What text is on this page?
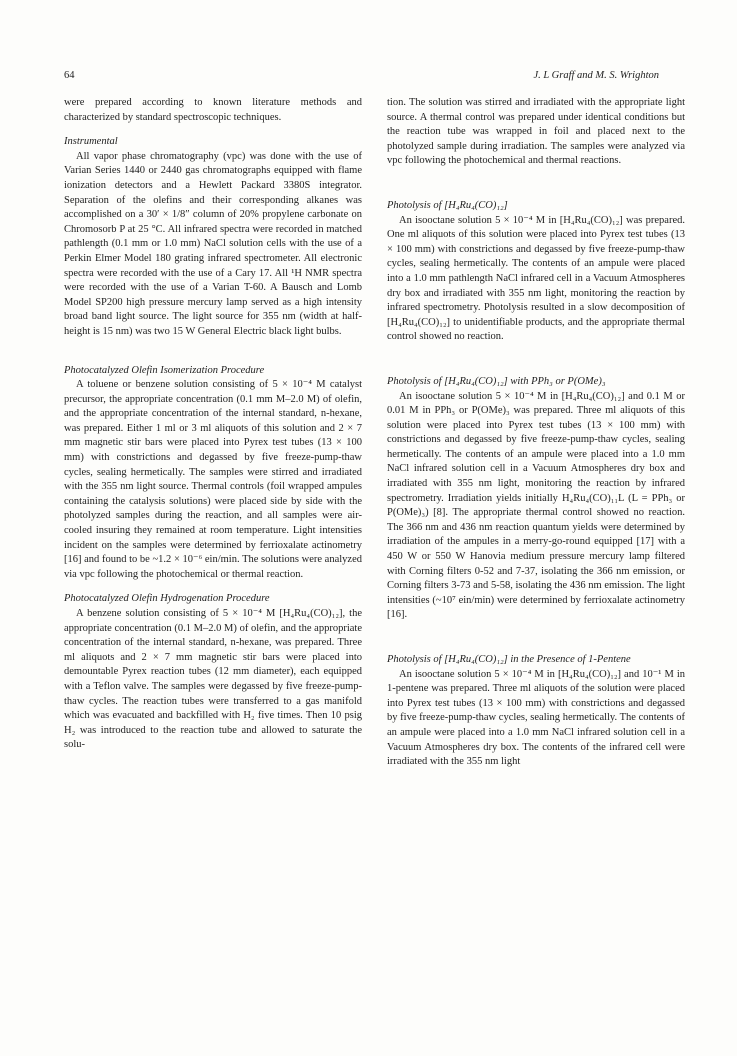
64	J. L Graff and M. S. Wrighton

were prepared according to known literature methods and characterized by standard spectroscopic techniques.

Instrumental

All vapor phase chromatography (vpc) was done with the use of Varian Series 1440 or 2440 gas chromatographs equipped with flame ionization detectors and a Hewlett Packard 3380S integrator. Separation of the olefins and their corresponding alkanes was accomplished on a 30′ × 1/8″ column of 20% propylene carbonate on Chromosorb P at 25 °C. All infrared spectra were recorded in matched pathlength (0.1 mm or 1.0 mm) NaCl solution cells with the use of a Perkin Elmer Model 180 grating infrared spectrometer. All electronic spectra were recorded with the use of a Cary 17. All ¹H NMR spectra were recorded with the use of a Varian T-60. A Bausch and Lomb Model SP200 high pressure mercury lamp served as a high intensity broad band light source. The light source for 355 nm (width at half-height is 15 nm) was two 15 W General Electric black light bulbs.

Photocatalyzed Olefin Isomerization Procedure

A toluene or benzene solution consisting of 5 × 10⁻⁴ M catalyst precursor, the appropriate concentration (0.1 mm M–2.0 M) of olefin, and the appropriate concentration of the internal standard, n-hexane, was prepared. Either 1 ml or 3 ml aliquots of this solution and 2 × 7 mm magnetic stir bars were placed into Pyrex test tubes (13 × 100 mm) with constrictions and degassed by five freeze-pump-thaw cycles, sealing hermetically. The samples were stirred and irradiated with the 355 nm light source. Thermal controls (foil wrapped ampules containing the catalysis solutions) were placed side by side with the photolyzed samples during the reaction, and all samples were air-cooled insuring they remained at room temperature. Light intensities incident on the samples were determined by ferrioxalate actinometry [16] and found to be ~1.2 × 10⁻⁶ ein/min. The solutions were analyzed via vpc following the photochemical or thermal reaction.

Photocatalyzed Olefin Hydrogenation Procedure

A benzene solution consisting of 5 × 10⁻⁴ M [H₄Ru₄(CO)₁₂], the appropriate concentration (0.1 M–2.0 M) of olefin, and the appropriate concentration of the internal standard, n-hexane, was prepared. Three ml aliquots and 2 × 7 mm magnetic stir bars were placed into demountable Pyrex reaction tubes (12 mm diameter), each equipped with a Teflon valve. The samples were degassed by five freeze-pump-thaw cycles. The reaction tubes were transferred to a gas manifold which was evacuated and backfilled with H₂ five times. Then 10 psig H₂ was introduced to the reaction tube and allowed to saturate the solu-

tion. The solution was stirred and irradiated with the appropriate light source. A thermal control was prepared under identical conditions but the reaction tube was wrapped in foil and placed next to the photolyzed sample during irradiation. The samples were analyzed via vpc following the photochemical and thermal reactions.

Photolysis of [H₄Ru₄(CO)₁₂]

An isooctane solution 5 × 10⁻⁴ M in [H₄Ru₄(CO)₁₂] was prepared. One ml aliquots of this solution were placed into Pyrex test tubes (13 × 100 mm) with constrictions and degassed by five freeze-pump-thaw cycles, sealing hermetically. The contents of an ampule were placed into a 1.0 mm pathlength NaCl infrared cell in a Vacuum Atmospheres dry box and irradiated with 355 nm light, monitoring the reaction by infrared spectrometry. Photolysis resulted in a slow decomposition of [H₄Ru₄(CO)₁₂] to unidentifiable products, and the appropriate thermal control showed no reaction.

Photolysis of [H₄Ru₄(CO)₁₂] with PPh₃ or P(OMe)₃

An isooctane solution 5 × 10⁻⁴ M in [H₄Ru₄(CO)₁₂] and 0.1 M or 0.01 M in PPh₃ or P(OMe)₃ was prepared. Three ml aliquots of this solution were placed into Pyrex test tubes (13 × 100 mm) with constrictions and degassed by five freeze-pump-thaw cycles, sealing hermetically. The contents of an ampule were placed into a 1.0 mm NaCl infrared solution cell in a Vacuum Atmospheres dry box and irradiated with 355 nm light, monitoring the reaction by infrared spectrometry. Irradiation yields initially H₄Ru₄(CO)₁₁L (L = PPh₃ or P(OMe)₃) [8]. The appropriate thermal control showed no reaction. The 366 nm and 436 nm reaction quantum yields were determined by irradiation of the ampules in a merry-go-round equipped [17] with a 450 W or 550 W Hanovia medium pressure mercury lamp filtered with Corning filters 0-52 and 7-37, isolating the 366 nm emission, or Corning filters 3-73 and 5-58, isolating the 436 nm emission. The light intensities (~10⁷ ein/min) were determined by ferrioxalate actinometry [16].

Photolysis of [H₄Ru₄(CO)₁₂] in the Presence of 1-Pentene

An isooctane solution 5 × 10⁻⁴ M in [H₄Ru₄(CO)₁₂] and 10⁻¹ M in 1-pentene was prepared. Three ml aliquots of the solution were placed into Pyrex test tubes (13 × 100 mm) with constrictions and degassed by five freeze-pump-thaw cycles, sealing hermetically. The contents of an ampule were placed into a 1.0 mm NaCl infrared solution cell in a Vacuum Atmospheres dry box. The contents of the infrared cell were irradiated with the 355 nm light
